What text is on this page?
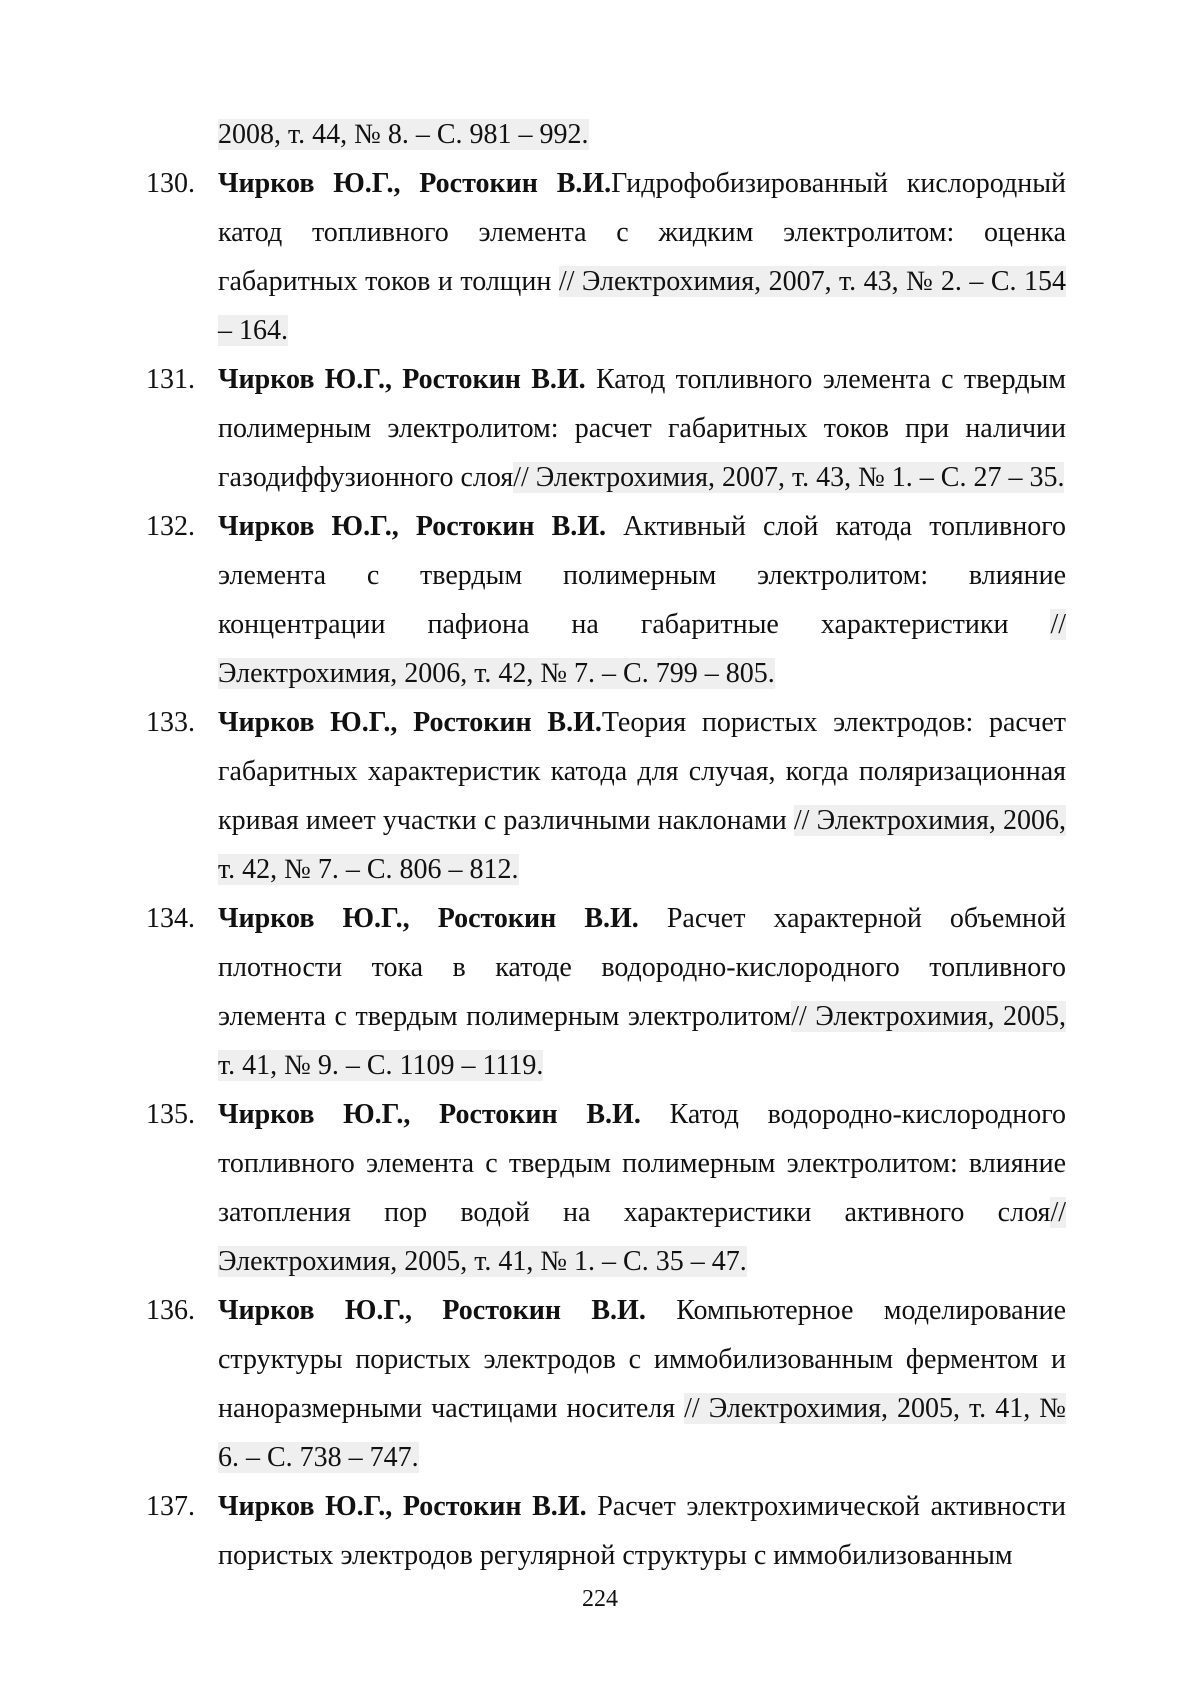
2008, т. 44, № 8. – С. 981 – 992.
130. Чирков Ю.Г., Ростокин В.И.Гидрофобизированный кислородный катод топливного элемента с жидким электролитом: оценка габаритных токов и толщин // Электрохимия, 2007, т. 43, № 2. – С. 154 – 164.
131. Чирков Ю.Г., Ростокин В.И. Катод топливного элемента с твердым полимерным электролитом: расчет габаритных токов при наличии газодиффузионного слоя// Электрохимия, 2007, т. 43, № 1. – С. 27 – 35.
132. Чирков Ю.Г., Ростокин В.И. Активный слой катода топливного элемента с твердым полимерным электролитом: влияние концентрации пафиона на габаритные характеристики // Электрохимия, 2006, т. 42, № 7. – С. 799 – 805.
133. Чирков Ю.Г., Ростокин В.И.Теория пористых электродов: расчет габаритных характеристик катода для случая, когда поляризационная кривая имеет участки с различными наклонами // Электрохимия, 2006, т. 42, № 7. – С. 806 – 812.
134. Чирков Ю.Г., Ростокин В.И. Расчет характерной объемной плотности тока в катоде водородно-кислородного топливного элемента с твердым полимерным электролитом// Электрохимия, 2005, т. 41, № 9. – С. 1109 – 1119.
135. Чирков Ю.Г., Ростокин В.И. Катод водородно-кислородного топливного элемента с твердым полимерным электролитом: влияние затопления пор водой на характеристики активного слоя// Электрохимия, 2005, т. 41, № 1. – С. 35 – 47.
136. Чирков Ю.Г., Ростокин В.И. Компьютерное моделирование структуры пористых электродов с иммобилизованным ферментом и наноразмерными частицами носителя // Электрохимия, 2005, т. 41, № 6. – С. 738 – 747.
137. Чирков Ю.Г., Ростокин В.И. Расчет электрохимической активности пористых электродов регулярной структуры с иммобилизованным
224
